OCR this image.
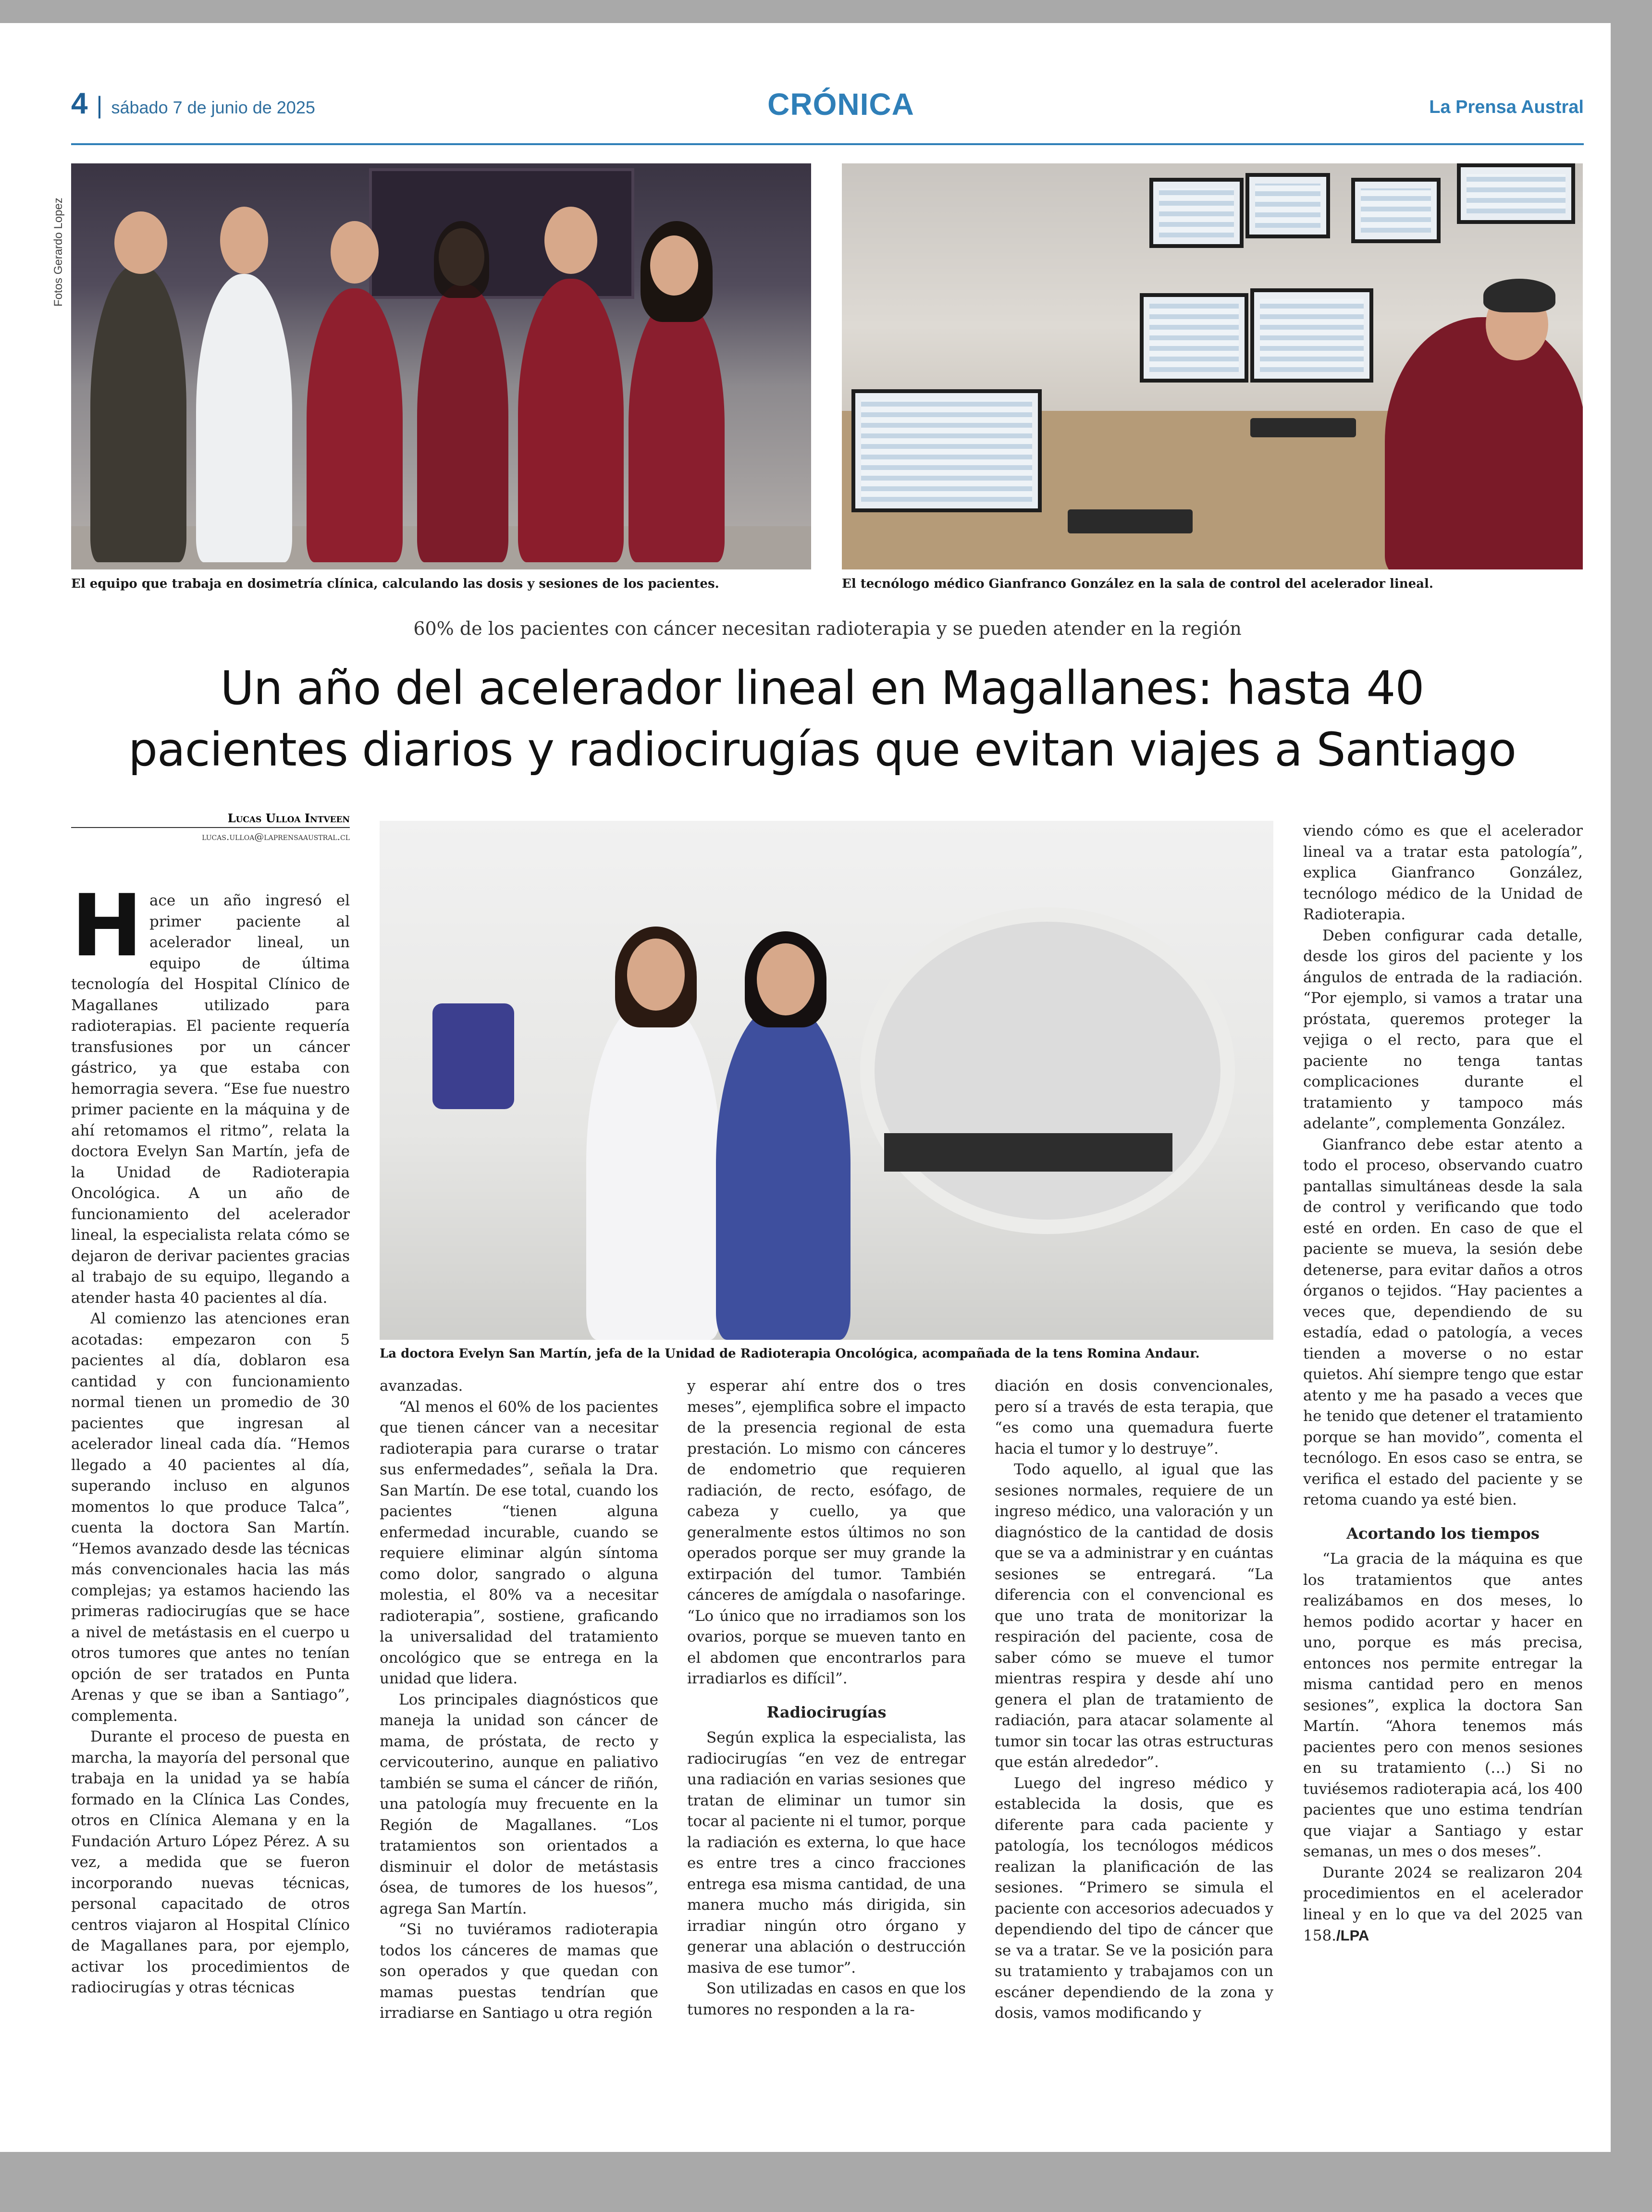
4 | sábado 7 de junio de 2025	CRÓNICA	La Prensa Austral
Fotos Gerardo Lopez
El equipo que trabaja en dosimetría clínica, calculando las dosis y sesiones de los pacientes.	El tecnólogo médico Gianfranco González en la sala de control del acelerador lineal.
60% de los pacientes con cáncer necesitan radioterapia y se pueden atender en la región
Un año del acelerador lineal en Magallanes: hasta 40
pacientes diarios y radiocirugías que evitan viajes a Santiago
Lucas Ulloa Intveen
lucas.ulloa@laprensaaustral.cl
La doctora Evelyn San Martín, jefa de la Unidad de Radioterapia Oncológica, acompañada de la tens Romina Andaur.

Hace un año ingresó el primer paciente al acelerador lineal, un equipo de última tecnología del Hospital Clínico de Magallanes utilizado para radioterapias. El paciente requería transfusiones por un cáncer gástrico, ya que estaba con hemorragia severa. “Ese fue nuestro primer paciente en la máquina y de ahí retomamos el ritmo”, relata la doctora Evelyn San Martín, jefa de la Unidad de Radioterapia Oncológica. A un año de funcionamiento del acelerador lineal, la especialista relata cómo se dejaron de derivar pacientes gracias al trabajo de su equipo, llegando a atender hasta 40 pacientes al día.

Al comienzo las atenciones eran acotadas: empezaron con 5 pacientes al día, doblaron esa cantidad y con funcionamiento normal tienen un promedio de 30 pacientes que ingresan al acelerador lineal cada día. “Hemos llegado a 40 pacientes al día, superando incluso en algunos momentos lo que produce Talca”, cuenta la doctora San Martín. “Hemos avanzado desde las técnicas más convencionales hacia las más complejas; ya estamos haciendo las primeras radiocirugías que se hace a nivel de metástasis en el cuerpo u otros tumores que antes no tenían opción de ser tratados en Punta Arenas y que se iban a Santiago”, complementa.

Durante el proceso de puesta en marcha, la mayoría del personal que trabaja en la unidad ya se había formado en la Clínica Las Condes, otros en Clínica Alemana y en la Fundación Arturo López Pérez. A su vez, a medida que se fueron incorporando nuevas técnicas, personal capacitado de otros centros viajaron al Hospital Clínico de Magallanes para, por ejemplo, activar los procedimientos de radiocirugías y otras técnicas

avanzadas.

“Al menos el 60% de los pacientes que tienen cáncer van a necesitar radioterapia para curarse o tratar sus enfermedades”, señala la Dra. San Martín. De ese total, cuando los pacientes “tienen alguna enfermedad incurable, cuando se requiere eliminar algún síntoma como dolor, sangrado o alguna molestia, el 80% va a necesitar radioterapia”, sostiene, graficando la universalidad del tratamiento oncológico que se entrega en la unidad que lidera.

Los principales diagnósticos que maneja la unidad son cáncer de mama, de próstata, de recto y cervicouterino, aunque en paliativo también se suma el cáncer de riñón, una patología muy frecuente en la Región de Magallanes. “Los tratamientos son orientados a disminuir el dolor de metástasis ósea, de tumores de los huesos”, agrega San Martín.

“Si no tuviéramos radioterapia todos los cánceres de mamas que son operados y que quedan con mamas puestas tendrían que irradiarse en Santiago u otra región

y esperar ahí entre dos o tres meses”, ejemplifica sobre el impacto de la presencia regional de esta prestación. Lo mismo con cánceres de endometrio que requieren radiación, de recto, esófago, de cabeza y cuello, ya que generalmente estos últimos no son operados porque ser muy grande la extirpación del tumor. También cánceres de amígdala o nasofaringe. “Lo único que no irradiamos son los ovarios, porque se mueven tanto en el abdomen que encontrarlos para irradiarlos es difícil”.

Radiocirugías

Según explica la especialista, las radiocirugías “en vez de entregar una radiación en varias sesiones que tratan de eliminar un tumor sin tocar al paciente ni el tumor, porque la radiación es externa, lo que hace es entre tres a cinco fracciones entrega esa misma cantidad, de una manera mucho más dirigida, sin irradiar ningún otro órgano y generar una ablación o destrucción masiva de ese tumor”.

Son utilizadas en casos en que los tumores no responden a la ra-

diación en dosis convencionales, pero sí a través de esta terapia, que “es como una quemadura fuerte hacia el tumor y lo destruye”.

Todo aquello, al igual que las sesiones normales, requiere de un ingreso médico, una valoración y un diagnóstico de la cantidad de dosis que se va a administrar y en cuántas sesiones se entregará. “La diferencia con el convencional es que uno trata de monitorizar la respiración del paciente, cosa de saber cómo se mueve el tumor mientras respira y desde ahí uno genera el plan de tratamiento de radiación, para atacar solamente al tumor sin tocar las otras estructuras que están alrededor”.

Luego del ingreso médico y establecida la dosis, que es diferente para cada paciente y patología, los tecnólogos médicos realizan la planificación de las sesiones. “Primero se simula el paciente con accesorios adecuados y dependiendo del tipo de cáncer que se va a tratar. Se ve la posición para su tratamiento y trabajamos con un escáner dependiendo de la zona y dosis, vamos modificando y

viendo cómo es que el acelerador lineal va a tratar esta patología”, explica Gianfranco González, tecnólogo médico de la Unidad de Radioterapia.

Deben configurar cada detalle, desde los giros del paciente y los ángulos de entrada de la radiación. “Por ejemplo, si vamos a tratar una próstata, queremos proteger la vejiga o el recto, para que el paciente no tenga tantas complicaciones durante el tratamiento y tampoco más adelante”, complementa González.

Gianfranco debe estar atento a todo el proceso, observando cuatro pantallas simultáneas desde la sala de control y verificando que todo esté en orden. En caso de que el paciente se mueva, la sesión debe detenerse, para evitar daños a otros órganos o tejidos. “Hay pacientes a veces que, dependiendo de su estadía, edad o patología, a veces tienden a moverse o no estar quietos. Ahí siempre tengo que estar atento y me ha pasado a veces que he tenido que detener el tratamiento porque se han movido”, comenta el tecnólogo. En esos caso se entra, se verifica el estado del paciente y se retoma cuando ya esté bien.

Acortando los tiempos

“La gracia de la máquina es que los tratamientos que antes realizábamos en dos meses, lo hemos podido acortar y hacer en uno, porque es más precisa, entonces nos permite entregar la misma cantidad pero en menos sesiones”, explica la doctora San Martín. “Ahora tenemos más pacientes pero con menos sesiones en su tratamiento (…) Si no tuviésemos radioterapia acá, los 400 pacientes que uno estima tendrían que viajar a Santiago y estar semanas, un mes o dos meses”.

Durante 2024 se realizaron 204 procedimientos en el acelerador lineal y en lo que va del 2025 van 158./LPA
